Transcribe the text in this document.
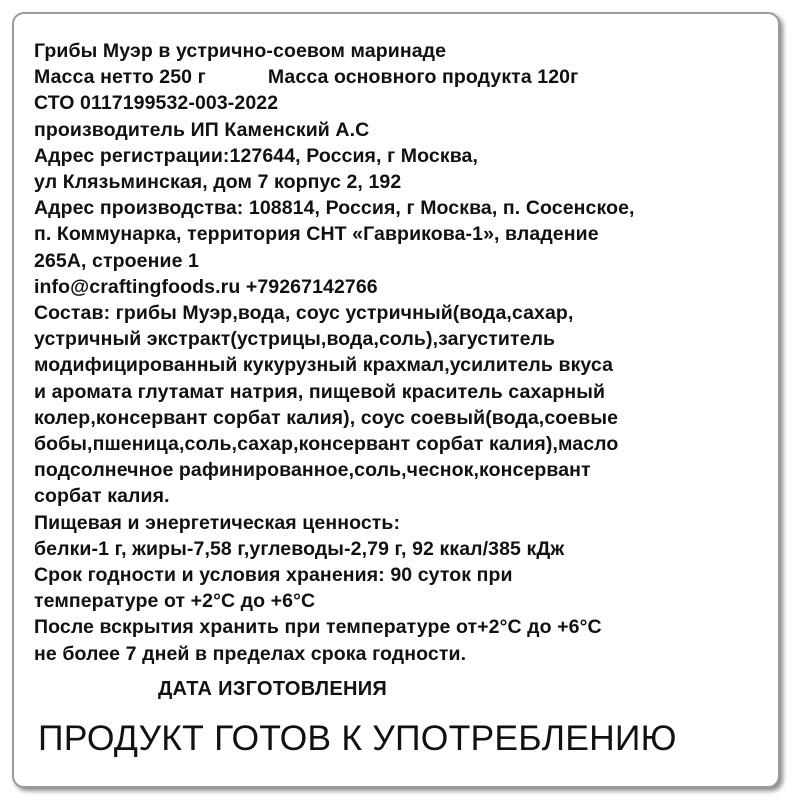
Грибы Муэр в устрично-соевом маринаде
Масса нетто 250 г	Масса основного продукта 120г
СТО 0117199532-003-2022
производитель ИП Каменский А.С
Адрес регистрации:127644, Россия, г Москва,
ул Клязьминская, дом 7 корпус 2, 192
Адрес производства: 108814, Россия, г Москва, п. Сосенское,
п. Коммунарка, территория СНТ «Гаврикова-1», владение
265А, строение 1
info@craftingfoods.ru +79267142766
Состав: грибы Муэр,вода, соус устричный(вода,сахар,
устричный экстракт(устрицы,вода,соль),загуститель
модифицированный кукурузный крахмал,усилитель вкуса
и аромата глутамат натрия, пищевой краситель сахарный
колер,консервант сорбат калия), соус соевый(вода,соевые
бобы,пшеница,соль,сахар,консервант сорбат калия),масло
подсолнечное рафинированное,соль,чеснок,консервант
сорбат калия.
Пищевая и энергетическая ценность:
белки-1 г, жиры-7,58 г,углеводы-2,79 г, 92 ккал/385 кДж
Срок годности и условия хранения: 90 суток при
температуре от +2°С до +6°С
После вскрытия хранить при температуре от+2°С до +6°С
не более 7 дней в пределах срока годности.
ДАТА ИЗГОТОВЛЕНИЯ
ПРОДУКТ ГОТОВ К УПОТРЕБЛЕНИЮ
